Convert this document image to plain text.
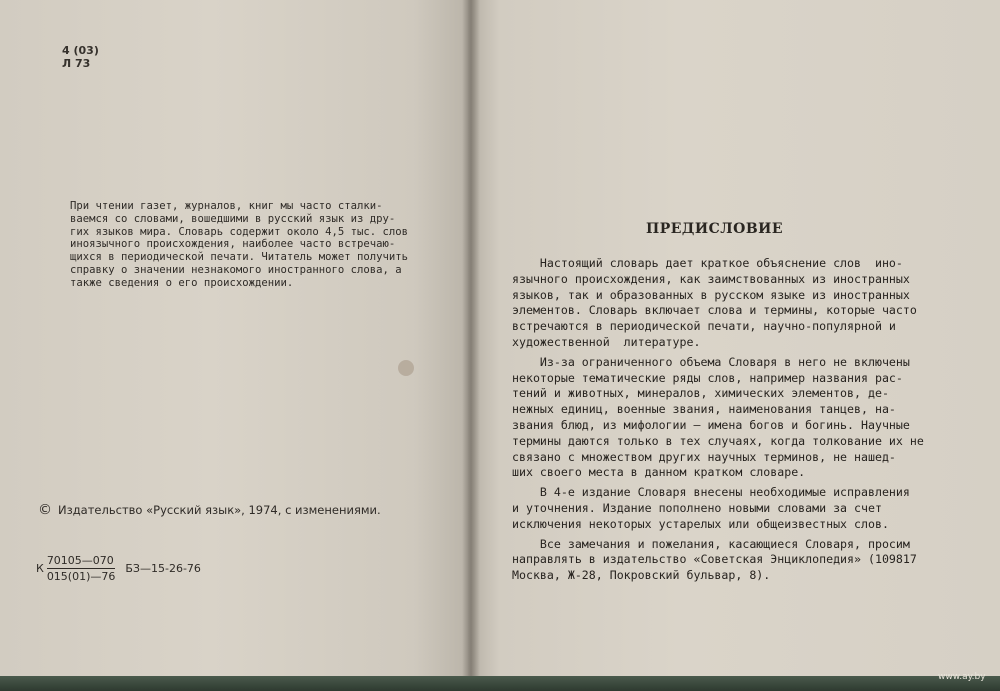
4 (03)
Л 73
При чтении газет, журналов, книг мы часто сталки-
ваемся со словами, вошедшими в русский язык из дру-
гих языков мира. Словарь содержит около 4,5 тыс. слов
иноязычного происхождения, наиболее часто встречаю-
щихся в периодической печати. Читатель может получить
справку о значении незнакомого иностранного слова, а
также сведения о его происхождении.
© Издательство «Русский язык», 1974, с изменениями.
К $\frac{70105—070}{015(01)—76}$ БЗ—15-26-76
ПРЕДИСЛОВИЕ
Настоящий словарь дает краткое объяснение слов  ино-
язычного происхождения, как заимствованных из иностранных
языков, так и образованных в русском языке из иностранных
элементов. Словарь включает слова и термины, которые часто
встречаются в периодической печати, научно-популярной и
художественной  литературе.
Из-за ограниченного объема Словаря в него не включены
некоторые тематические ряды слов, например названия рас-
тений и животных, минералов, химических элементов, де-
нежных единиц, военные звания, наименования танцев, на-
звания блюд, из мифологии — имена богов и богинь. Научные
термины даются только в тех случаях, когда толкование их не
связано с множеством других научных терминов, не нашед-
ших своего места в данном кратком словаре.
В 4-е издание Словаря внесены необходимые исправления
и уточнения. Издание пополнено новыми словами за счет
исключения некоторых устарелых или общеизвестных слов.
Все замечания и пожелания, касающиеся Словаря, просим
направлять в издательство «Советская Энциклопедия» (109817
Москва, Ж-28, Покровский бульвар, 8).
www.ay.by
